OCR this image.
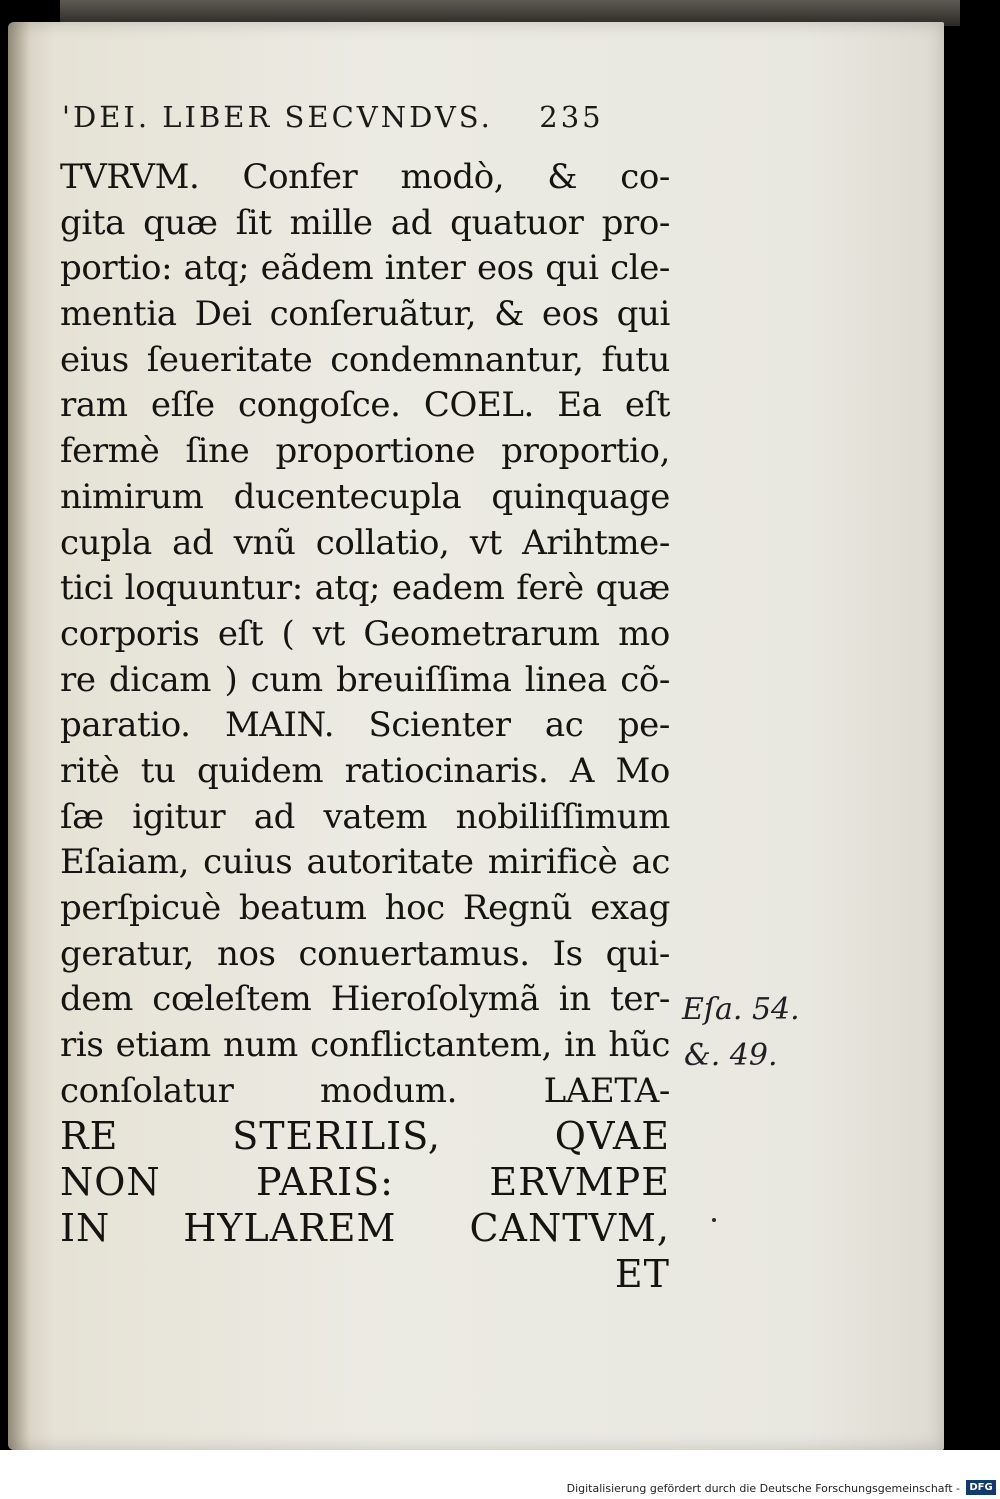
'DEI. LIBER SECVNDVS. 235
TVRVM. Confer modò, & co-
gita quæ ſit mille ad quatuor pro-
portio: atq; eãdem inter eos qui cle-
mentia Dei conſeruãtur, & eos qui
eius ſeueritate condemnantur, futu
ram eſſe congoſce. COEL. Ea eſt
fermè ſine proportione proportio,
nimirum ducentecupla quinquage
cupla ad vnũ collatio, vt Arihtme-
tici loquuntur: atq; eadem ferè quæ
corporis eſt ( vt Geometrarum mo
re dicam ) cum breuiſſima linea cõ-
paratio. MAIN. Scienter ac pe-
ritè tu quidem ratiocinaris. A Mo
ſæ igitur ad vatem nobiliſſimum
Eſaiam, cuius autoritate mirificè ac
perſpicuè beatum hoc Regnũ exag
geratur, nos conuertamus. Is qui-
dem cœleſtem Hieroſolymã in ter-
ris etiam num conflictantem, in hũc
conſolatur modum. LAETA-
RE STERILIS, QVAE
NON PARIS: ERVMPE
IN HYLAREM CANTVM,
ET
Eſa. 54.
&. 49.
Digitalisierung gefördert durch die Deutsche Forschungsgemeinschaft - DFG
